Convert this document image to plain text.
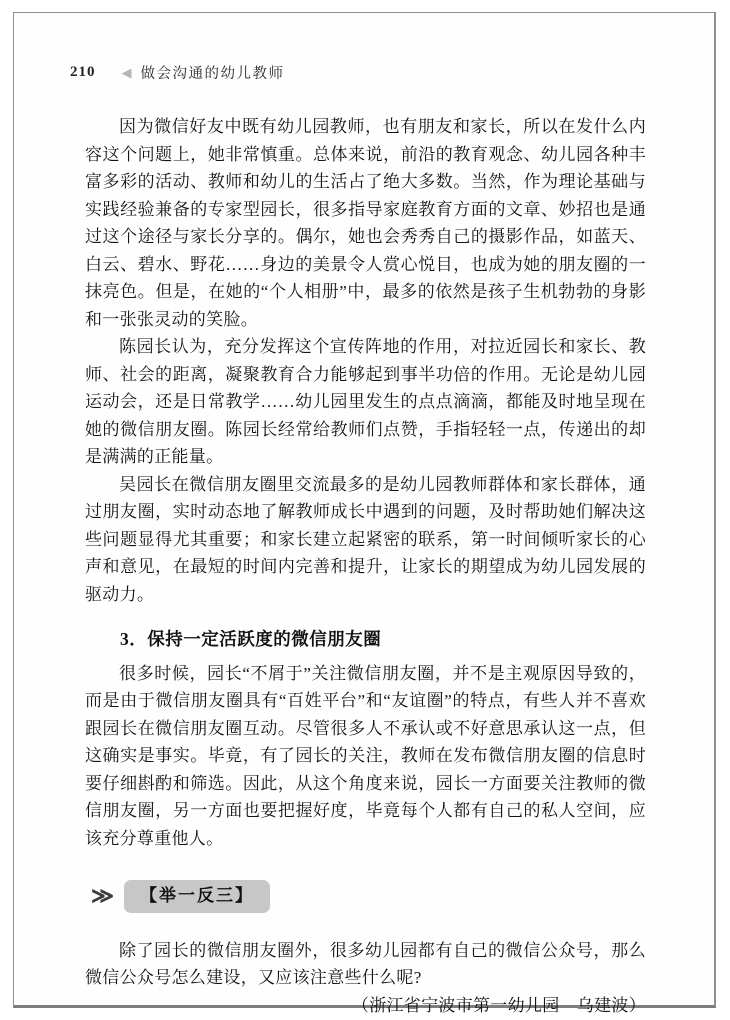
210 ◀ 做会沟通的幼儿教师

因为微信好友中既有幼儿园教师，也有朋友和家长，所以在发什么内容这个问题上，她非常慎重。总体来说，前沿的教育观念、幼儿园各种丰富多彩的活动、教师和幼儿的生活占了绝大多数。当然，作为理论基础与实践经验兼备的专家型园长，很多指导家庭教育方面的文章、妙招也是通过这个途径与家长分享的。偶尔，她也会秀秀自己的摄影作品，如蓝天、白云、碧水、野花……身边的美景令人赏心悦目，也成为她的朋友圈的一抹亮色。但是，在她的“个人相册”中，最多的依然是孩子生机勃勃的身影和一张张灵动的笑脸。

陈园长认为，充分发挥这个宣传阵地的作用，对拉近园长和家长、教师、社会的距离，凝聚教育合力能够起到事半功倍的作用。无论是幼儿园运动会，还是日常教学……幼儿园里发生的点点滴滴，都能及时地呈现在她的微信朋友圈。陈园长经常给教师们点赞，手指轻轻一点，传递出的却是满满的正能量。

吴园长在微信朋友圈里交流最多的是幼儿园教师群体和家长群体，通过朋友圈，实时动态地了解教师成长中遇到的问题，及时帮助她们解决这些问题显得尤其重要；和家长建立起紧密的联系，第一时间倾听家长的心声和意见，在最短的时间内完善和提升，让家长的期望成为幼儿园发展的驱动力。

3．保持一定活跃度的微信朋友圈

很多时候，园长“不屑于”关注微信朋友圈，并不是主观原因导致的，而是由于微信朋友圈具有“百姓平台”和“友谊圈”的特点，有些人并不喜欢跟园长在微信朋友圈互动。尽管很多人不承认或不好意思承认这一点，但这确实是事实。毕竟，有了园长的关注，教师在发布微信朋友圈的信息时要仔细斟酌和筛选。因此，从这个角度来说，园长一方面要关注教师的微信朋友圈，另一方面也要把握好度，毕竟每个人都有自己的私人空间，应该充分尊重他人。

≫	【举一反三】

除了园长的微信朋友圈外，很多幼儿园都有自己的微信公众号，那么微信公众号怎么建设，又应该注意些什么呢?

（浙江省宁波市第一幼儿园　乌建波）
